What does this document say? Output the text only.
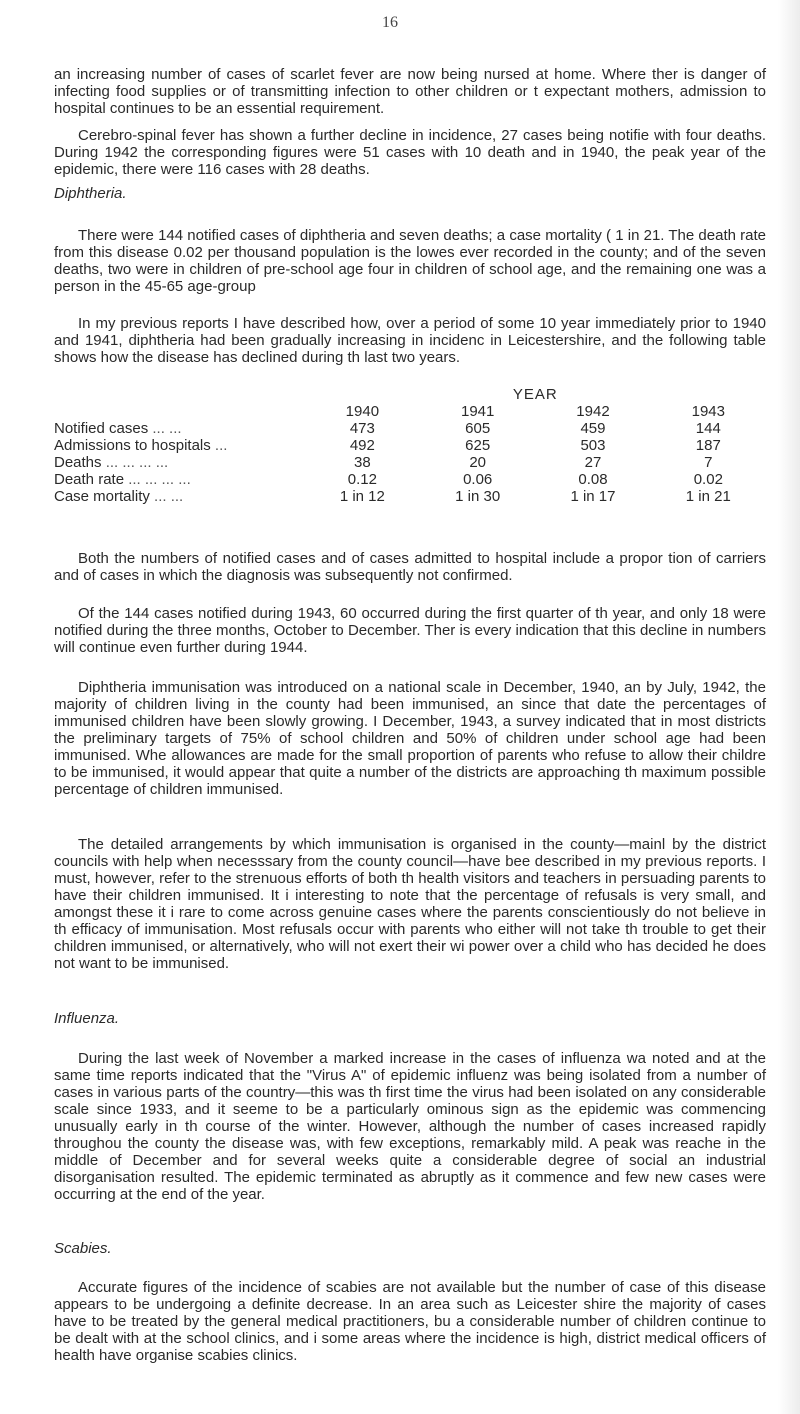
16

an increasing number of cases of scarlet fever are now being nursed at home. Where ther is danger of infecting food supplies or of transmitting infection to other children or t expectant mothers, admission to hospital continues to be an essential requirement.

Cerebro-spinal fever has shown a further decline in incidence, 27 cases being notifie with four deaths. During 1942 the corresponding figures were 51 cases with 10 death and in 1940, the peak year of the epidemic, there were 116 cases with 28 deaths.

Diphtheria.

There were 144 notified cases of diphtheria and seven deaths; a case mortality ( 1 in 21. The death rate from this disease 0.02 per thousand population is the lowes ever recorded in the county; and of the seven deaths, two were in children of pre-school age four in children of school age, and the remaining one was a person in the 45-65 age-group

In my previous reports I have described how, over a period of some 10 year immediately prior to 1940 and 1941, diphtheria had been gradually increasing in incidenc in Leicestershire, and the following table shows how the disease has declined during th last two years.

	YEAR			
	1940	1941	1942	1943
Notified cases ... ...	473	605	459	144
Admissions to hospitals ...	492	625	503	187
Deaths ... ... ... ...	38	20	27	7
Death rate ... ... ... ...	0.12	0.06	0.08	0.02
Case mortality ... ...	1 in 12	1 in 30	1 in 17	1 in 21

Both the numbers of notified cases and of cases admitted to hospital include a propor tion of carriers and of cases in which the diagnosis was subsequently not confirmed.

Of the 144 cases notified during 1943, 60 occurred during the first quarter of th year, and only 18 were notified during the three months, October to December. Ther is every indication that this decline in numbers will continue even further during 1944.

Diphtheria immunisation was introduced on a national scale in December, 1940, an by July, 1942, the majority of children living in the county had been immunised, an since that date the percentages of immunised children have been slowly growing. I December, 1943, a survey indicated that in most districts the preliminary targets of 75% of school children and 50% of children under school age had been immunised. Whe allowances are made for the small proportion of parents who refuse to allow their childre to be immunised, it would appear that quite a number of the districts are approaching th maximum possible percentage of children immunised.

The detailed arrangements by which immunisation is organised in the county—mainl by the district councils with help when necesssary from the county council—have bee described in my previous reports. I must, however, refer to the strenuous efforts of both th health visitors and teachers in persuading parents to have their children immunised. It i interesting to note that the percentage of refusals is very small, and amongst these it i rare to come across genuine cases where the parents conscientiously do not believe in th efficacy of immunisation. Most refusals occur with parents who either will not take th trouble to get their children immunised, or alternatively, who will not exert their wi power over a child who has decided he does not want to be immunised.

Influenza.

During the last week of November a marked increase in the cases of influenza wa noted and at the same time reports indicated that the "Virus A" of epidemic influenz was being isolated from a number of cases in various parts of the country—this was th first time the virus had been isolated on any considerable scale since 1933, and it seeme to be a particularly ominous sign as the epidemic was commencing unusually early in th course of the winter. However, although the number of cases increased rapidly throughou the county the disease was, with few exceptions, remarkably mild. A peak was reache in the middle of December and for several weeks quite a considerable degree of social an industrial disorganisation resulted. The epidemic terminated as abruptly as it commence and few new cases were occurring at the end of the year.

Scabies.

Accurate figures of the incidence of scabies are not available but the number of case of this disease appears to be undergoing a definite decrease. In an area such as Leicester shire the majority of cases have to be treated by the general medical practitioners, bu a considerable number of children continue to be dealt with at the school clinics, and i some areas where the incidence is high, district medical officers of health have organise scabies clinics.
